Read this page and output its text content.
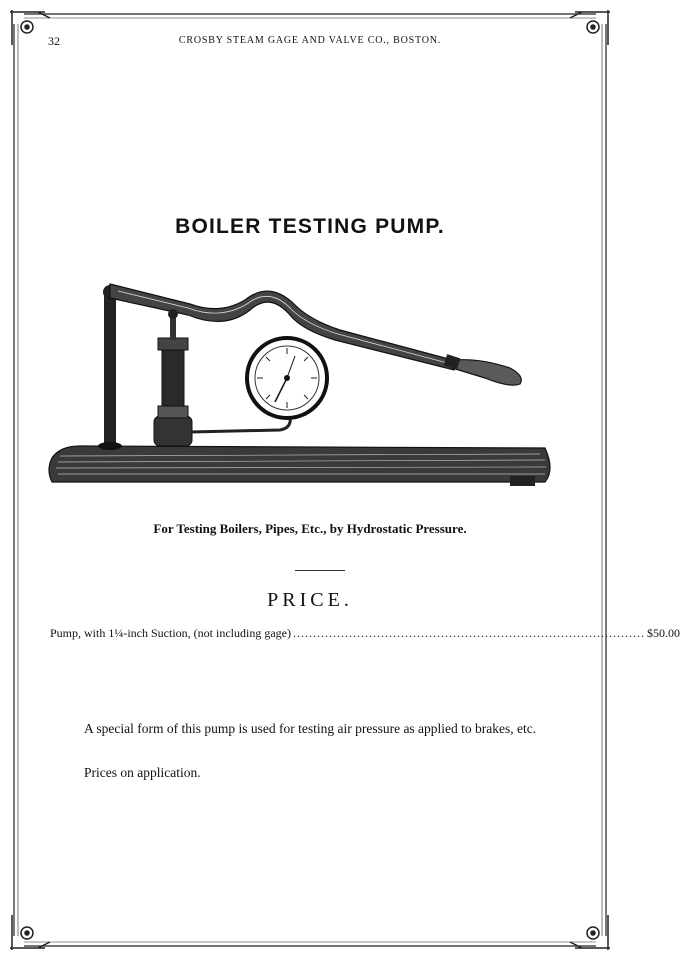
32	CROSBY STEAM GAGE AND VALVE CO., BOSTON.
BOILER TESTING PUMP.
For Testing Boilers, Pipes, Etc., by Hydrostatic Pressure.
PRICE.
Pump, with 1¼-inch Suction, (not including gage) ........................................................................................ $50.00
A special form of this pump is used for testing air pressure as applied to brakes, etc.
Prices on application.
